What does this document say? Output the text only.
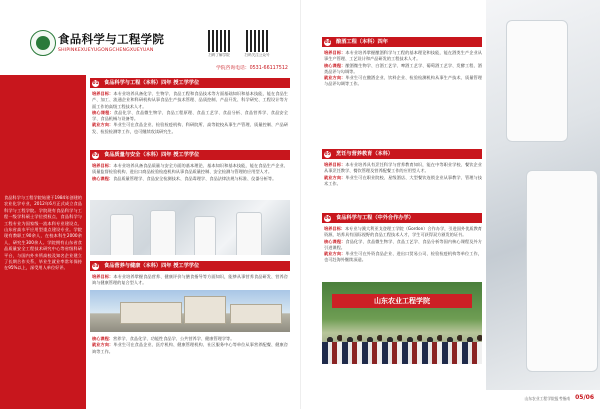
食品科学与工程学院
SHIPINKEXUEYUGONGCHENGXUEYUAN
扫码了解学院	扫码关注公众号
学院咨询电话：0531-66117512
食品科学与工程学院始建于1984年创建的农业化学专业，2012年6月正式成立食品科学与工程学院。学院现有食品科学与工程一级学科硕士学位授权点，食品科学与工程专业为国家级一流本科专业建设点、山东省高水平应用型重点建设专业。学院现有教职工90余人，在校本科生2000余人，研究生300余人。学院拥有山东省食品质量安全工程技术研究中心等省级科研平台，与国内外多所高校及知名企业建立了长期合作关系，毕业生就业率常年保持在95%以上，深受用人单位好评。
01 食品科学与工程（本科）四年 授工学学位
培养目标：本专业培养具备化学、生物学、食品工程和食品技术等方面基础知识和基本技能，能在食品生产、加工、流通企业和科研机构从事食品生产技术管理、品质控制、产品开发、科学研究、工程设计等方面工作的高级工程技术人才。
核心课程：食品化学、食品微生物学、食品工程原理、食品工艺学、食品分析、食品营养学、食品安全学、食品机械与设备等。
就业方向：毕业生可在食品企业、检验检疫机构、科研院所、高等院校从事生产管理、质量控制、产品研发、检验检测等工作，也可继续攻读研究生。
02 食品质量与安全（本科）四年 授工学学位
培养目标：本专业培养具备食品质量与安全方面的基本理论、基本知识和基本技能，能在食品生产企业、质量监督检验机构、进出口商品检验检疫机构从事食品质量控制、安全检测与管理的应用型人才。
核心课程：食品质量管理学、食品安全检测技术、食品毒理学、食品法律法规与标准、仪器分析等。
03 食品营养与健康（本科）四年 授工学学位
培养目标：本专业培养掌握食品营养、健康评价与膳食指导等方面知识，能够从事营养食品研发、营养咨询与健康管理的复合型人才。
核心课程：营养学、食品化学、功能性食品学、公共营养学、健康管理学等。
就业方向：毕业生可在食品企业、医疗机构、健康管理机构、社区服务中心等单位从事营养配餐、健康咨询等工作。
04 酿酒工程（本科）四年
培养目标：本专业培养掌握酿酒科学与工程的基本理论和技能，能在酒类生产企业从事生产管理、工艺设计和产品研发的工程技术人才。
核心课程：酿酒微生物学、白酒工艺学、啤酒工艺学、葡萄酒工艺学、发酵工程、酒类品评与勾调等。
就业方向：毕业生可在酿酒企业、饮料企业、检验检测机构从事生产技术、质量管理与品评勾调等工作。
05 烹饪与营养教育（本科）
培养目标：本专业培养具有烹饪科学与营养教育知识，能在中等职业学校、餐饮企业从事烹饪教学、餐饮管理及营养配餐工作的应用型人才。
就业方向：毕业生可在职业院校、星级酒店、大型餐饮连锁企业从事教学、管理与技术工作。
06 食品科学与工程（中外合作办学）
培养目标：本专业与澳大利亚戈登理工学院（Gordon）合作办学，引进国外优质教育资源，培养具有国际视野的食品工程技术人才，学生可获得双方颁发的证书。
核心课程：食品化学、食品微生物学、食品工艺学、食品分析等国内核心课程及外方引进课程。
就业方向：毕业生可在外资食品企业、进出口贸易公司、检验检疫机构等单位工作，也可赴海外继续深造。
山东农业工程学院
山东农业工程学院报考指南 05/06
